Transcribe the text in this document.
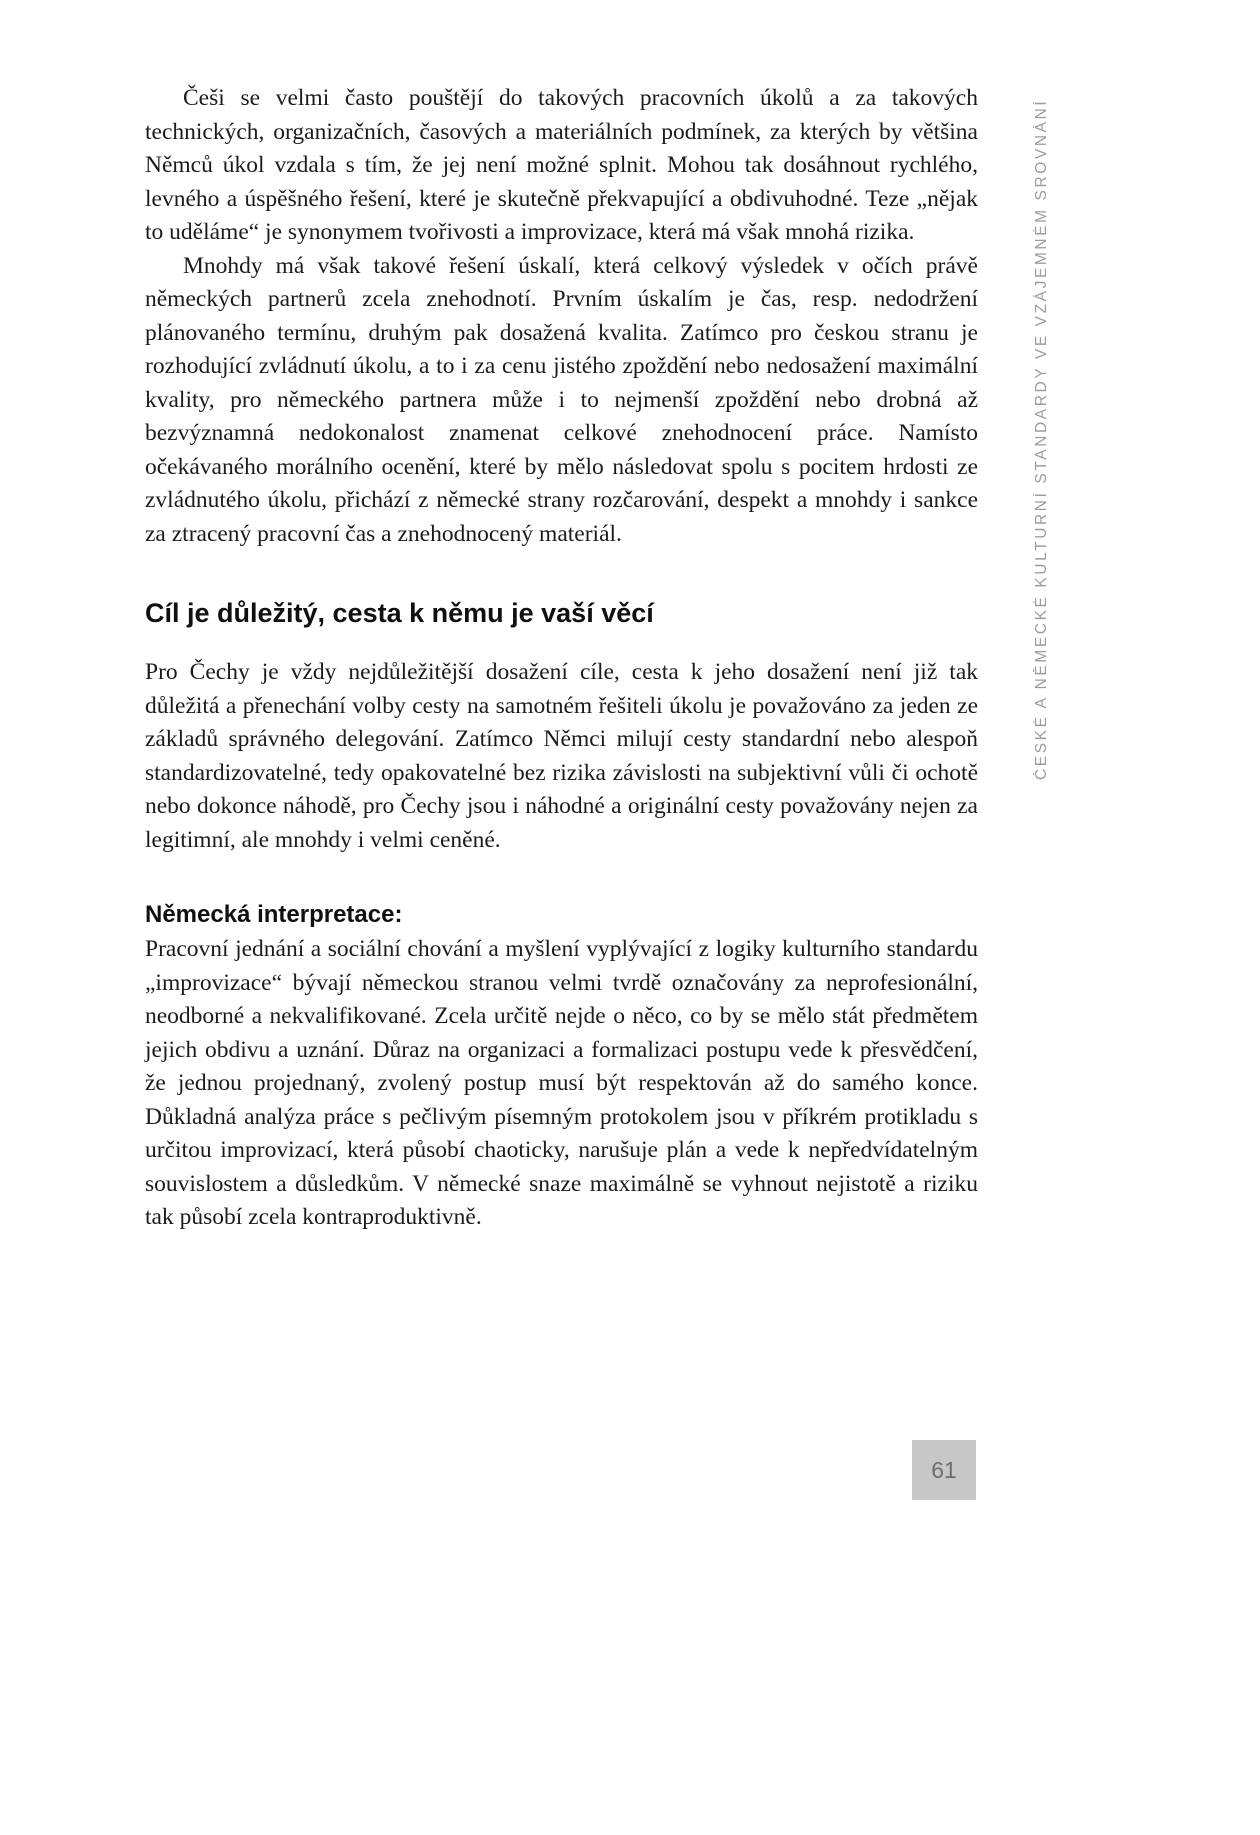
Češi se velmi často pouštějí do takových pracovních úkolů a za takových technických, organizačních, časových a materiálních podmínek, za kterých by většina Němců úkol vzdala s tím, že jej není možné splnit. Mohou tak dosáhnout rychlého, levného a úspěšného řešení, které je skutečně překvapující a obdivuhodné. Teze „nějak to uděláme“ je synonymem tvořivosti a improvizace, která má však mnohá rizika.

Mnohdy má však takové řešení úskalí, která celkový výsledek v očích právě německých partnerů zcela znehodnotí. Prvním úskalím je čas, resp. nedodržení plánovaného termínu, druhým pak dosažená kvalita. Zatímco pro českou stranu je rozhodující zvládnutí úkolu, a to i za cenu jistého zpoždění nebo nedosažení maximální kvality, pro německého partnera může i to nejmenší zpoždění nebo drobná až bezvýznamná nedokonalost znamenat celkové znehodnocení práce. Namísto očekávaného morálního ocenění, které by mělo následovat spolu s pocitem hrdosti ze zvládnutého úkolu, přichází z německé strany rozčarování, despekt a mnohdy i sankce za ztracený pracovní čas a znehodnocený materiál.

Cíl je důležitý, cesta k němu je vaší věcí

Pro Čechy je vždy nejdůležitější dosažení cíle, cesta k jeho dosažení není již tak důležitá a přenechání volby cesty na samotném řešiteli úkolu je považováno za jeden ze základů správného delegování. Zatímco Němci milují cesty standardní nebo alespoň standardizovatelné, tedy opakovatelné bez rizika závislosti na subjektivní vůli či ochotě nebo dokonce náhodě, pro Čechy jsou i náhodné a originální cesty považovány nejen za legitimní, ale mnohdy i velmi ceněné.

Německá interpretace:

Pracovní jednání a sociální chování a myšlení vyplývající z logiky kulturního standardu „improvizace“ bývají německou stranou velmi tvrdě označovány za neprofesionální, neodborné a nekvalifikované. Zcela určitě nejde o něco, co by se mělo stát předmětem jejich obdivu a uznání. Důraz na organizaci a formalizaci postupu vede k přesvědčení, že jednou projednaný, zvolený postup musí být respektován až do samého konce. Důkladná analýza práce s pečlivým písemným protokolem jsou v příkrém protikladu s určitou improvizací, která působí chaoticky, narušuje plán a vede k nepředvídatelným souvislostem a důsledkům. V německé snaze maximálně se vyhnout nejistotě a riziku tak působí zcela kontraproduktivně.

ČESKÉ A NĚMECKÉ KULTURNÍ STANDARDY VE VZÁJEMNÉM SROVNÁNÍ
61
